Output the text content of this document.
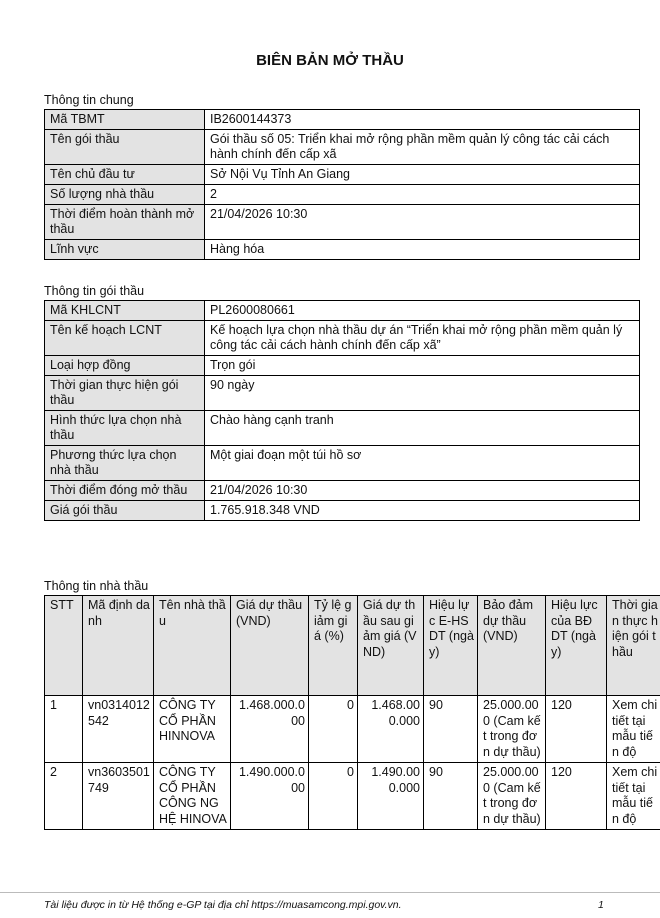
BIÊN BẢN MỞ THẦU
Thông tin chung
Mã TBMT	IB2600144373
Tên gói thầu	Gói thầu số 05: Triển khai mở rộng phần mềm quản lý công tác cải cách hành chính đến cấp xã
Tên chủ đầu tư	Sở Nội Vụ Tỉnh An Giang
Số lượng nhà thầu	2
Thời điểm hoàn thành mở thầu	21/04/2026 10:30
Lĩnh vực	Hàng hóa
Thông tin gói thầu
Mã KHLCNT	PL2600080661
Tên kế hoạch LCNT	Kế hoạch lựa chọn nhà thầu dự án “Triển khai mở rộng phần mềm quản lý công tác cải cách hành chính đến cấp xã”
Loại hợp đồng	Trọn gói
Thời gian thực hiện gói thầu	90 ngày
Hình thức lựa chọn nhà thầu	Chào hàng cạnh tranh
Phương thức lựa chọn nhà thầu	Một giai đoạn một túi hồ sơ
Thời điểm đóng mở thầu	21/04/2026 10:30
Giá gói thầu	1.765.918.348 VND
Thông tin nhà thầu
STT	Mã định danh	Tên nhà thầu	Giá dự thầu (VND)	Tỷ lệ giảm giá (%)	Giá dự thầu sau giảm giá (VND)	Hiệu lực E-HSDT (ngày)	Bảo đảm dự thầu (VND)	Hiệu lực của BĐ DT (ngày)	Thời gian thực hiện gói thầu
1	vn0314012542	CÔNG TY CỔ PHẦN HINNOVA	1.468.000.000	0	1.468.000.000	90	25.000.000 (Cam kết trong đơn dự thầu)	120	Xem chi tiết tại mẫu tiến độ
2	vn3603501749	CÔNG TY CỔ PHẦN CÔNG NGHỆ HINOVA	1.490.000.000	0	1.490.000.000	90	25.000.000 (Cam kết trong đơn dự thầu)	120	Xem chi tiết tại mẫu tiến độ
Tài liệu được in từ Hệ thống e-GP tại địa chỉ https://muasamcong.mpi.gov.vn.	1
